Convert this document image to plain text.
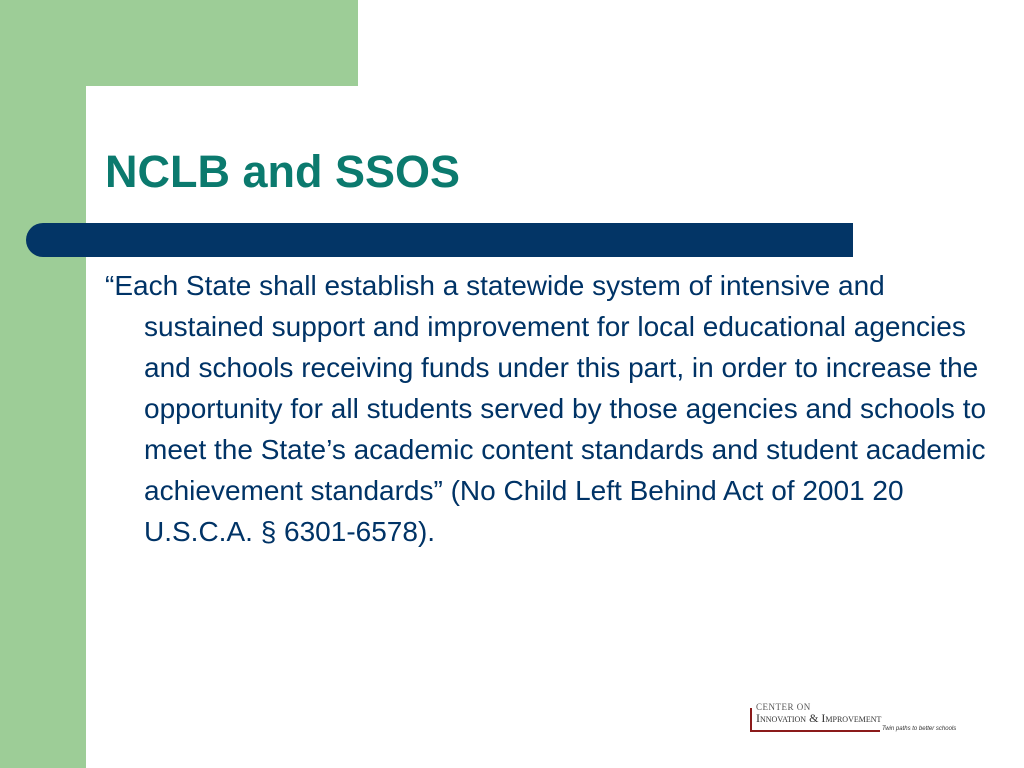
NCLB and SSOS

“Each State shall establish a statewide system of intensive and sustained support and improvement for local educational agencies and schools receiving funds under this part, in order to increase the opportunity for all students served by those agencies and schools to meet the State’s academic content standards and student academic achievement standards” (No Child Left Behind Act of 2001 20 U.S.C.A. § 6301-6578).

CENTER ON
Innovation & Improvement
Twin paths to better schools
